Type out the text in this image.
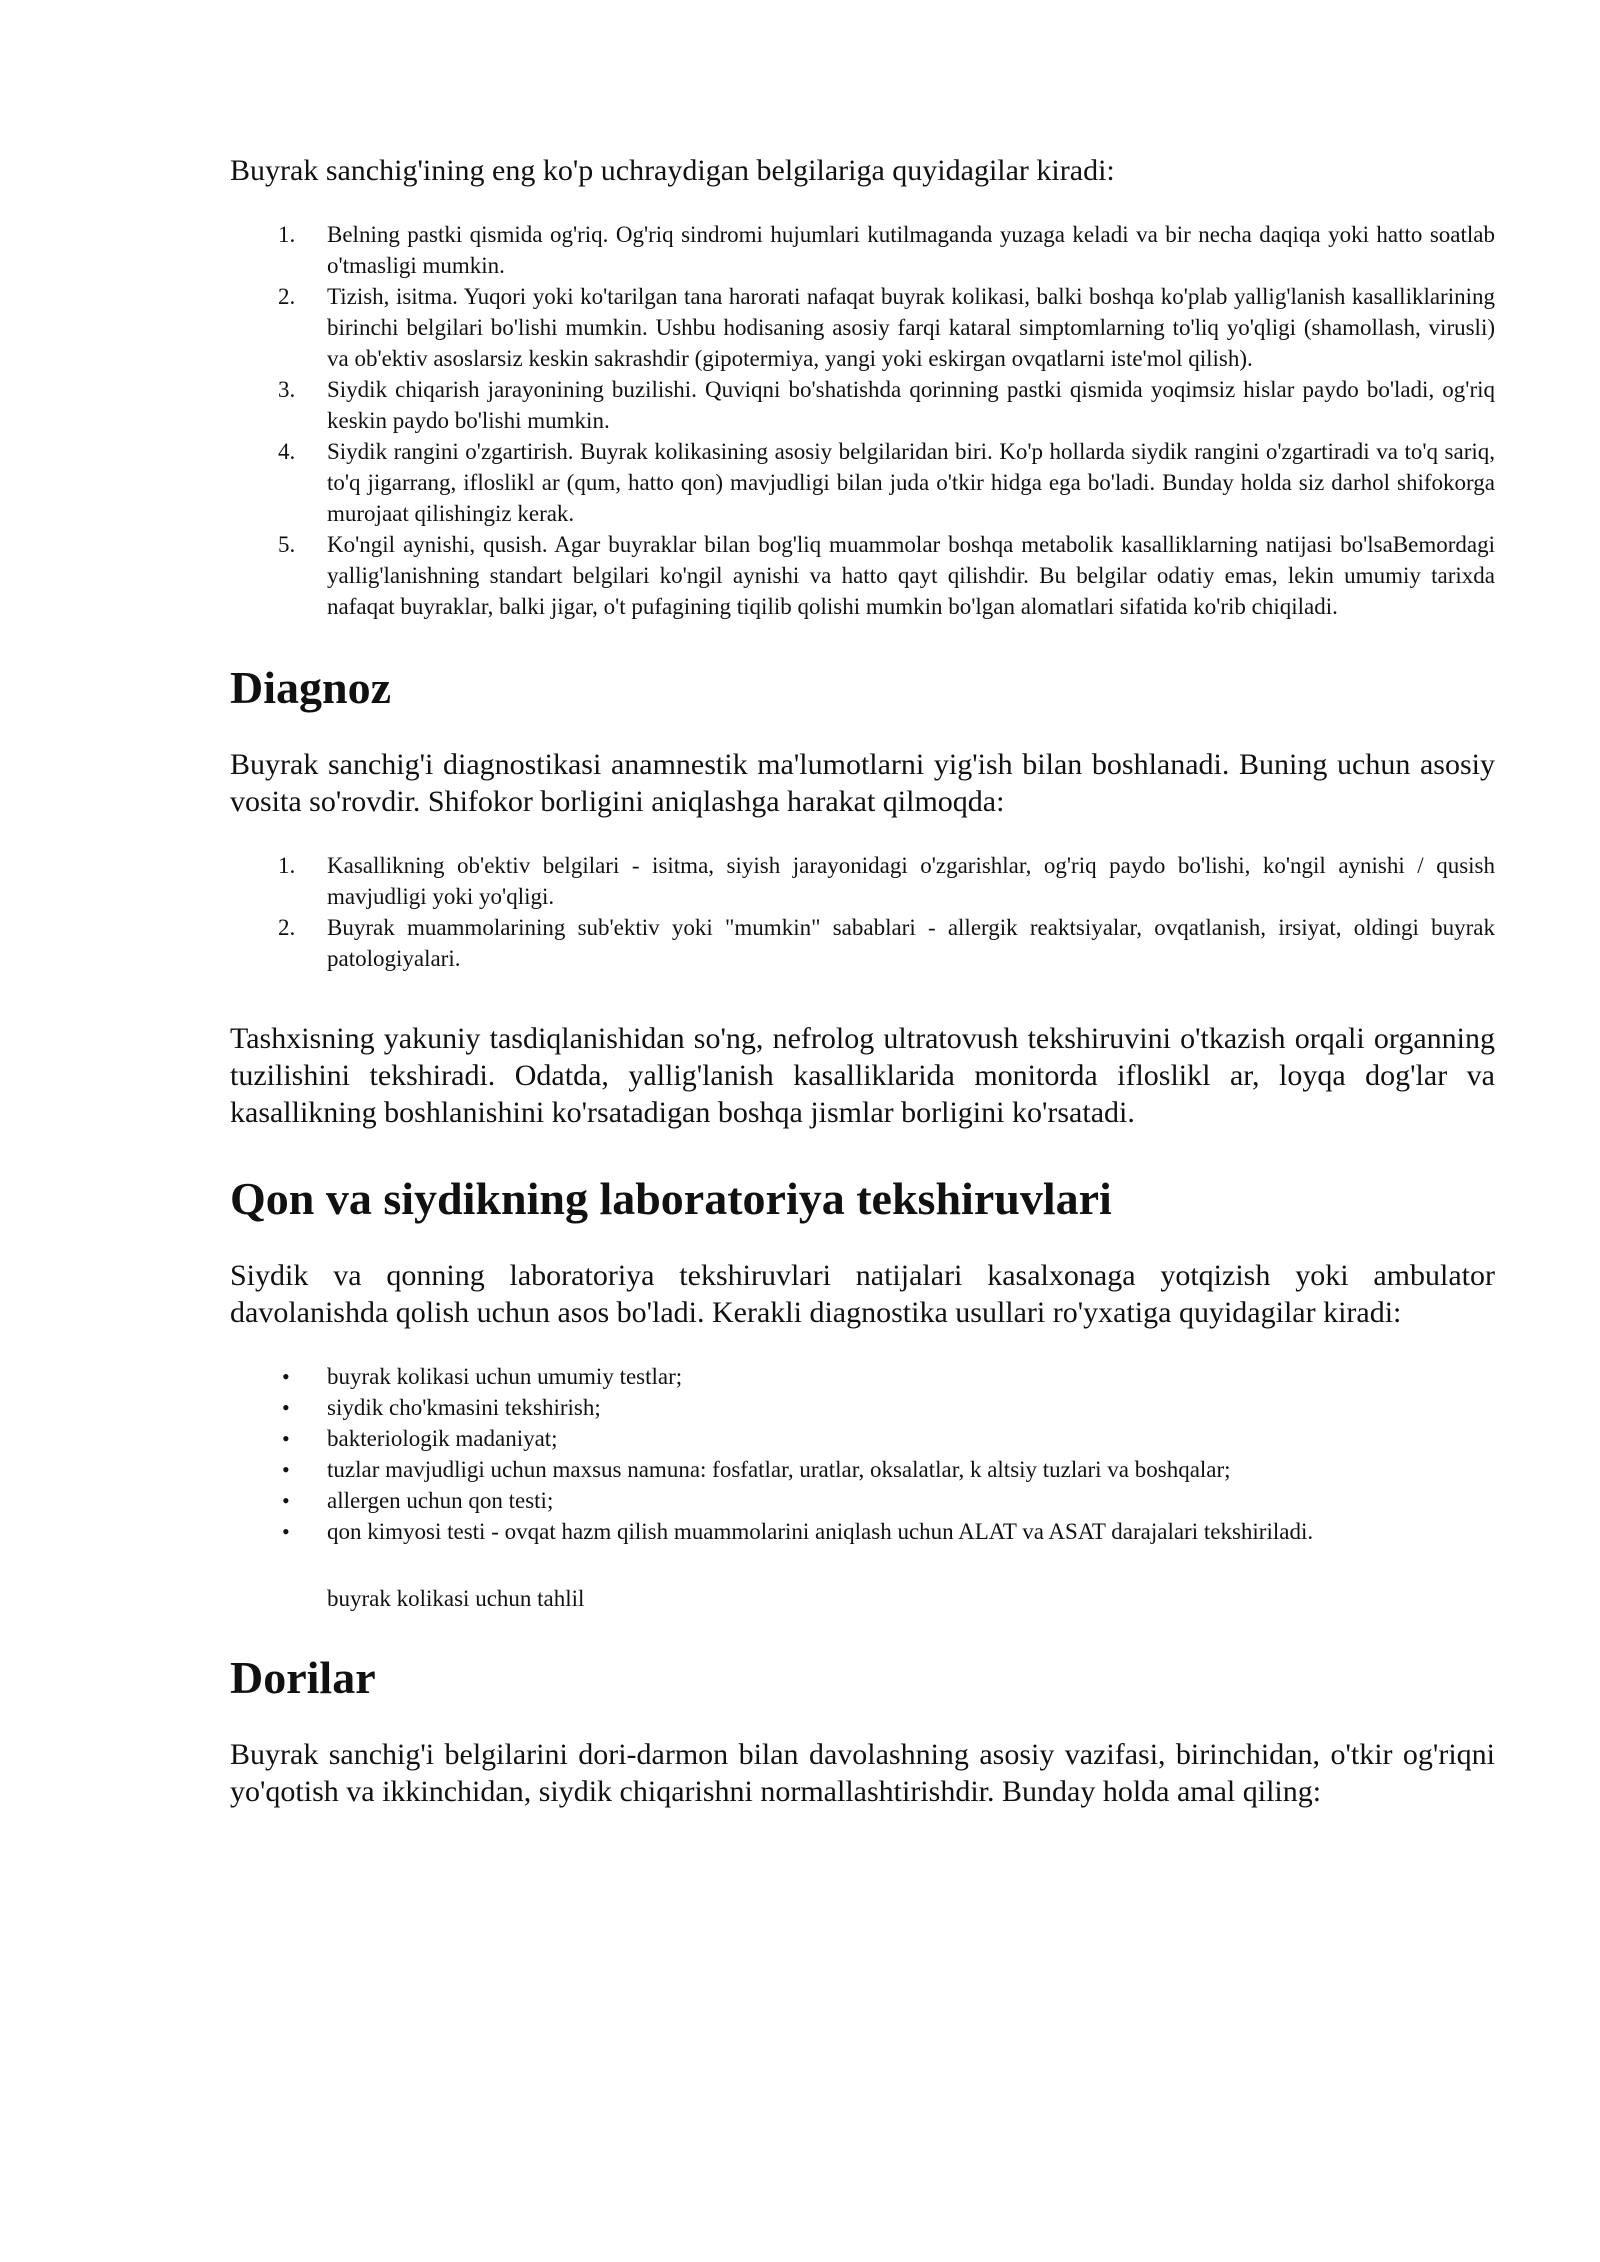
Buyrak sanchig'ining eng ko'p uchraydigan belgilariga quyidagilar kiradi:

1. Belning pastki qismida og'riq. Og'riq sindromi hujumlari kutilmaganda yuzaga keladi va bir necha daqiqa yoki hatto soatlab o'tmasligi mumkin.
2. Tizish, isitma. Yuqori yoki ko'tarilgan tana harorati nafaqat buyrak kolikasi, balki boshqa ko'plab yallig'lanish kasalliklarining birinchi belgilari bo'lishi mumkin. Ushbu hodisaning asosiy farqi kataral simptomlarning to'liq yo'qligi (shamollash, virusli) va ob'ektiv asoslarsiz keskin sakrashdir (gipotermiya, yangi yoki eskirgan ovqatlarni iste'mol qilish).
3. Siydik chiqarish jarayonining buzilishi. Quviqni bo'shatishda qorinning pastki qismida yoqimsiz hislar paydo bo'ladi, og'riq keskin paydo bo'lishi mumkin.
4. Siydik rangini o'zgartirish. Buyrak kolikasining asosiy belgilaridan biri. Ko'p hollarda siydik rangini o'zgartiradi va to'q sariq, to'q jigarrang, ifloslikl ar (qum, hatto qon) mavjudligi bilan juda o'tkir hidga ega bo'ladi. Bunday holda siz darhol shifokorga murojaat qilishingiz kerak.
5. Ko'ngil aynishi, qusish. Agar buyraklar bilan bog'liq muammolar boshqa metabolik kasalliklarning natijasi bo'lsaBemordagi yallig'lanishning standart belgilari ko'ngil aynishi va hatto qayt qilishdir. Bu belgilar odatiy emas, lekin umumiy tarixda nafaqat buyraklar, balki jigar, o't pufagining tiqilib qolishi mumkin bo'lgan alomatlari sifatida ko'rib chiqiladi.
Diagnoz

Buyrak sanchig'i diagnostikasi anamnestik ma'lumotlarni yig'ish bilan boshlanadi. Buning uchun asosiy vosita so'rovdir. Shifokor borligini aniqlashga harakat qilmoqda:

1. Kasallikning ob'ektiv belgilari - isitma, siyish jarayonidagi o'zgarishlar, og'riq paydo bo'lishi, ko'ngil aynishi / qusish mavjudligi yoki yo'qligi.
2. Buyrak muammolarining sub'ektiv yoki "mumkin" sabablari - allergik reaktsiyalar, ovqatlanish, irsiyat, oldingi buyrak patologiyalari.

Tashxisning yakuniy tasdiqlanishidan so'ng, nefrolog ultratovush tekshiruvini o'tkazish orqali organning tuzilishini tekshiradi. Odatda, yallig'lanish kasalliklarida monitorda ifloslikl ar, loyqa dog'lar va kasallikning boshlanishini ko'rsatadigan boshqa jismlar borligini ko'rsatadi.

Qon va siydikning laboratoriya tekshiruvlari

Siydik va qonning laboratoriya tekshiruvlari natijalari kasalxonaga yotqizish yoki ambulator davolanishda qolish uchun asos bo'ladi. Kerakli diagnostika usullari ro'yxatiga quyidagilar kiradi:

• buyrak kolikasi uchun umumiy testlar;
• siydik cho'kmasini tekshirish;
• bakteriologik madaniyat;
• tuzlar mavjudligi uchun maxsus namuna: fosfatlar, uratlar, oksalatlar, k altsiy tuzlari va boshqalar;
• allergen uchun qon testi;
• qon kimyosi testi - ovqat hazm qilish muammolarini aniqlash uchun ALAT va ASAT darajalari tekshiriladi.

buyrak kolikasi uchun tahlil

Dorilar

Buyrak sanchig'i belgilarini dori-darmon bilan davolashning asosiy vazifasi, birinchidan, o'tkir og'riqni yo'qotish va ikkinchidan, siydik chiqarishni normallashtirishdir. Bunday holda amal qiling:
